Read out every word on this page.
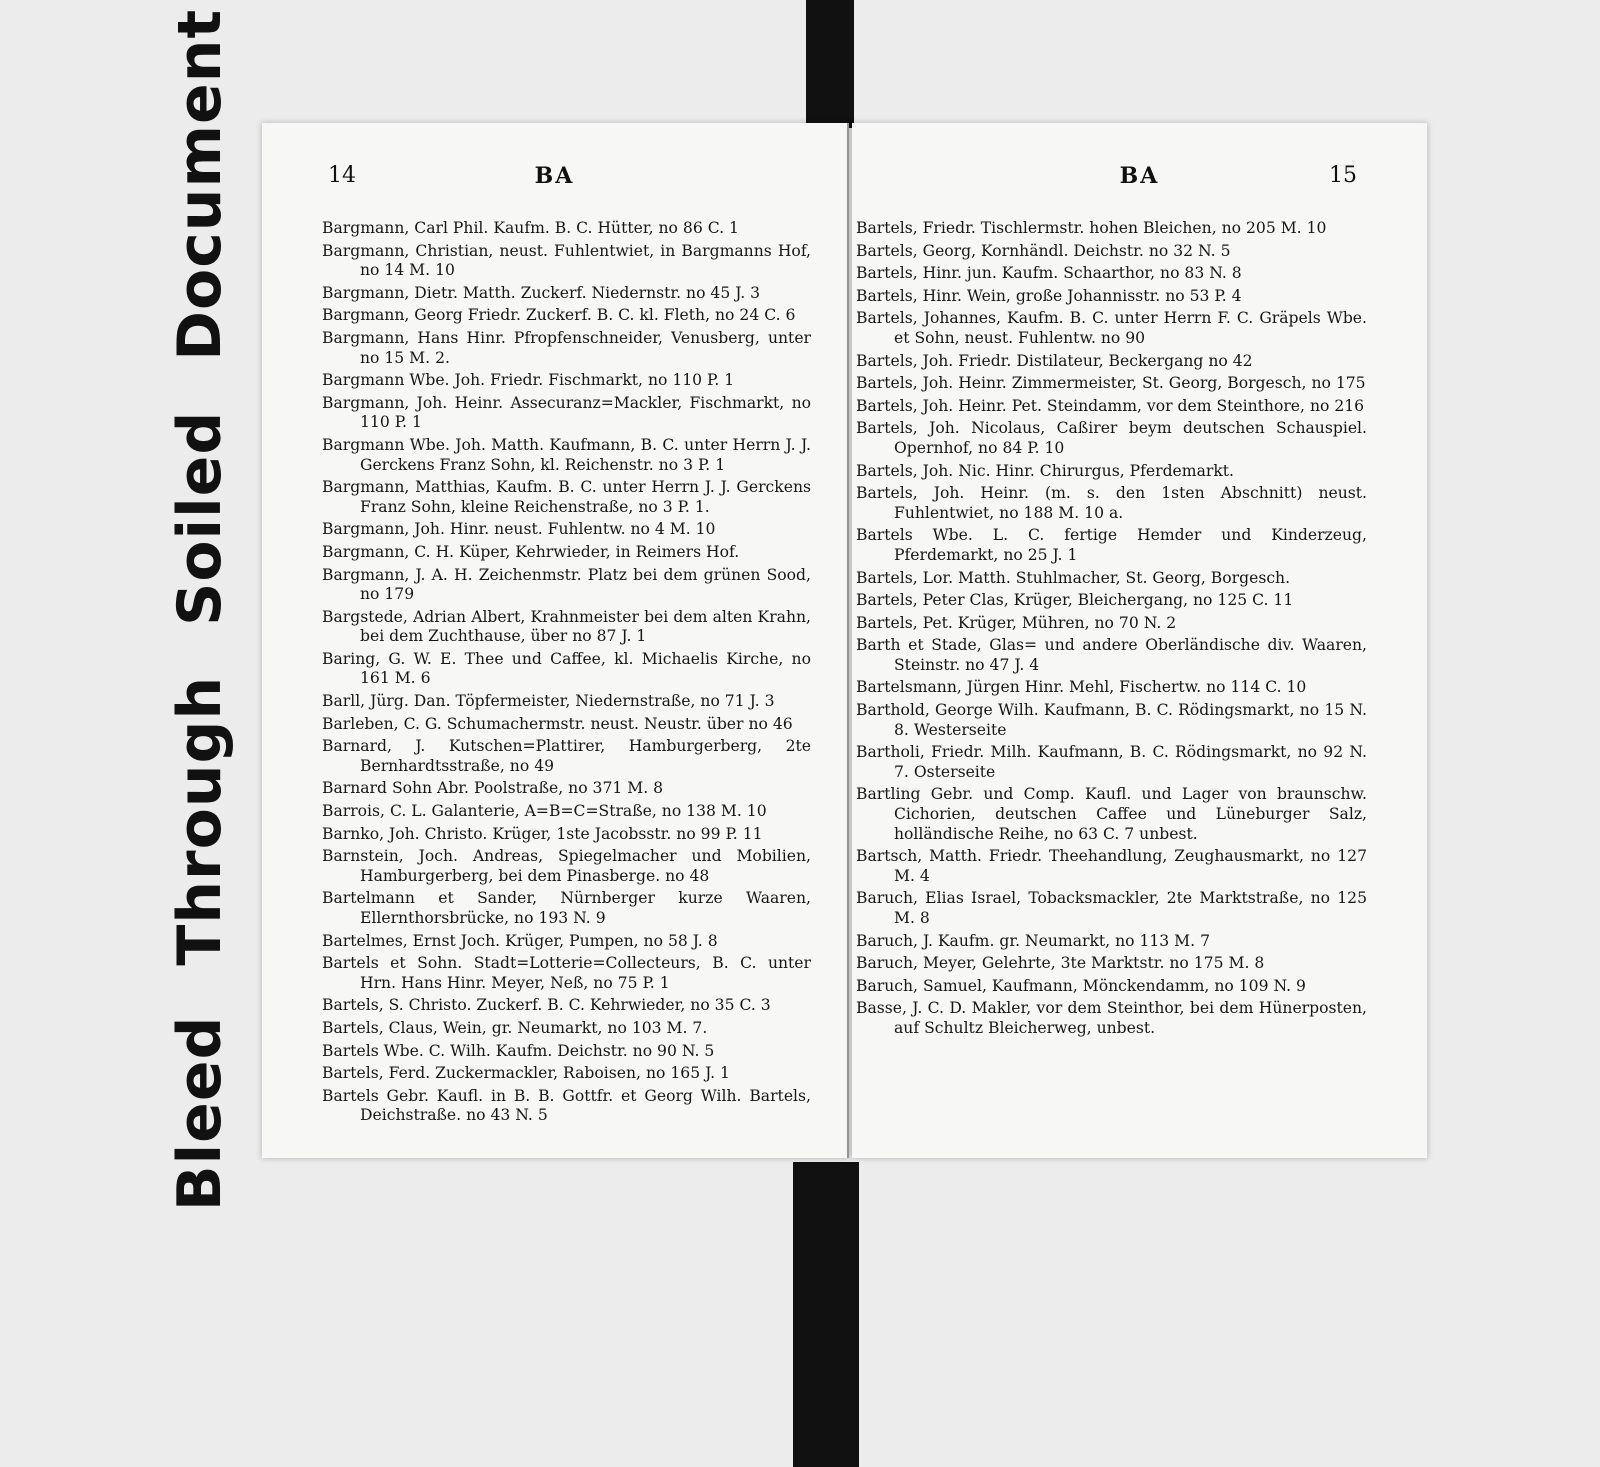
Bleed Through Soiled Document	14	BA
Bargmann, Carl Phil. Kaufm. B. C. Hütter, no 86 C. 1
Bargmann, Christian, neust. Fuhlentwiet, in Bargmanns Hof, no 14 M. 10
Bargmann, Dietr. Matth. Zuckerf. Niedernstr. no 45 J. 3
Bargmann, Georg Friedr. Zuckerf. B. C. kl. Fleth, no 24 C. 6
Bargmann, Hans Hinr. Pfropfenschneider, Venusberg, unter no 15 M. 2.
Bargmann Wbe. Joh. Friedr. Fischmarkt, no 110 P. 1
Bargmann, Joh. Heinr. Assecuranz=Mackler, Fischmarkt, no 110 P. 1
Bargmann Wbe. Joh. Matth. Kaufmann, B. C. unter Herrn J. J. Gerckens Franz Sohn, kl. Reichenstr. no 3 P. 1
Bargmann, Matthias, Kaufm. B. C. unter Herrn J. J. Gerckens Franz Sohn, kleine Reichenstraße, no 3 P. 1.
Bargmann, Joh. Hinr. neust. Fuhlentw. no 4 M. 10
Bargmann, C. H. Küper, Kehrwieder, in Reimers Hof.
Bargmann, J. A. H. Zeichenmstr. Platz bei dem grünen Sood, no 179
Bargstede, Adrian Albert, Krahnmeister bei dem alten Krahn, bei dem Zuchthause, über no 87 J. 1
Baring, G. W. E. Thee und Caffee, kl. Michaelis Kirche, no 161 M. 6
Barll, Jürg. Dan. Töpfermeister, Niedernstraße, no 71 J. 3
Barleben, C. G. Schumachermstr. neust. Neustr. über no 46
Barnard, J. Kutschen=Plattirer, Hamburgerberg, 2te Bernhardtsstraße, no 49
Barnard Sohn Abr. Poolstraße, no 371 M. 8
Barrois, C. L. Galanterie, A=B=C=Straße, no 138 M. 10
Barnko, Joh. Christo. Krüger, 1ste Jacobsstr. no 99 P. 11
Barnstein, Joch. Andreas, Spiegelmacher und Mobilien, Hamburgerberg, bei dem Pinasberge. no 48
Bartelmann et Sander, Nürnberger kurze Waaren, Ellernthorsbrücke, no 193 N. 9
Bartelmes, Ernst Joch. Krüger, Pumpen, no 58 J. 8
Bartels et Sohn. Stadt=Lotterie=Collecteurs, B. C. unter Hrn. Hans Hinr. Meyer, Neß, no 75 P. 1
Bartels, S. Christo. Zuckerf. B. C. Kehrwieder, no 35 C. 3
Bartels, Claus, Wein, gr. Neumarkt, no 103 M. 7.
Bartels Wbe. C. Wilh. Kaufm. Deichstr. no 90 N. 5
Bartels, Ferd. Zuckermackler, Raboisen, no 165 J. 1
Bartels Gebr. Kaufl. in B. B. Gottfr. et Georg Wilh. Bartels, Deichstraße. no 43 N. 5
BA	15
Bartels, Friedr. Tischlermstr. hohen Bleichen, no 205 M. 10
Bartels, Georg, Kornhändl. Deichstr. no 32 N. 5
Bartels, Hinr. jun. Kaufm. Schaarthor, no 83 N. 8
Bartels, Hinr. Wein, große Johannisstr. no 53 P. 4
Bartels, Johannes, Kaufm. B. C. unter Herrn F. C. Gräpels Wbe. et Sohn, neust. Fuhlentw. no 90
Bartels, Joh. Friedr. Distilateur, Beckergang no 42
Bartels, Joh. Heinr. Zimmermeister, St. Georg, Borgesch, no 175
Bartels, Joh. Heinr. Pet. Steindamm, vor dem Steinthore, no 216
Bartels, Joh. Nicolaus, Caßirer beym deutschen Schauspiel. Opernhof, no 84 P. 10
Bartels, Joh. Nic. Hinr. Chirurgus, Pferdemarkt.
Bartels, Joh. Heinr. (m. s. den 1sten Abschnitt) neust. Fuhlentwiet, no 188 M. 10 a.
Bartels Wbe. L. C. fertige Hemder und Kinderzeug, Pferdemarkt, no 25 J. 1
Bartels, Lor. Matth. Stuhlmacher, St. Georg, Borgesch.
Bartels, Peter Clas, Krüger, Bleichergang, no 125 C. 11
Bartels, Pet. Krüger, Mühren, no 70 N. 2
Barth et Stade, Glas= und andere Oberländische div. Waaren, Steinstr. no 47 J. 4
Bartelsmann, Jürgen Hinr. Mehl, Fischertw. no 114 C. 10
Barthold, George Wilh. Kaufmann, B. C. Rödingsmarkt, no 15 N. 8. Westerseite
Bartholi, Friedr. Milh. Kaufmann, B. C. Rödingsmarkt, no 92 N. 7. Osterseite
Bartling Gebr. und Comp. Kaufl. und Lager von braunschw. Cichorien, deutschen Caffee und Lüneburger Salz, holländische Reihe, no 63 C. 7 unbest.
Bartsch, Matth. Friedr. Theehandlung, Zeughausmarkt, no 127 M. 4
Baruch, Elias Israel, Tobacksmackler, 2te Marktstraße, no 125 M. 8
Baruch, J. Kaufm. gr. Neumarkt, no 113 M. 7
Baruch, Meyer, Gelehrte, 3te Marktstr. no 175 M. 8
Baruch, Samuel, Kaufmann, Mönckendamm, no 109 N. 9
Basse, J. C. D. Makler, vor dem Steinthor, bei dem Hünerposten, auf Schultz Bleicherweg, unbest.
